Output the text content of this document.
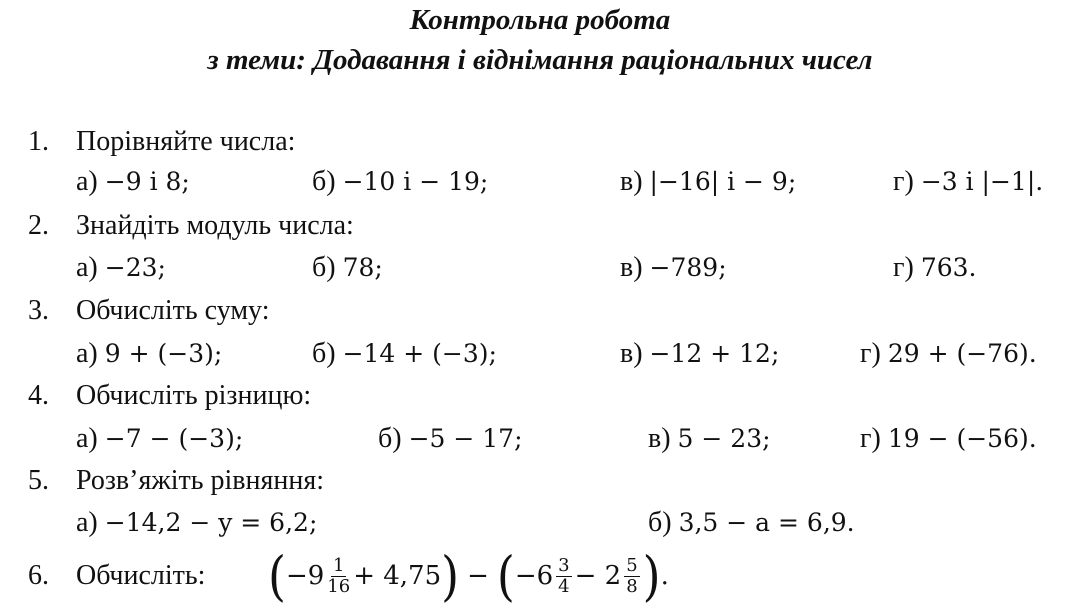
Контрольна робота
з теми: Додавання і віднімання раціональних чисел
1. Порівняйте числа:
а) −9 і 8;	б) −10 і − 19;	в) |−16| і − 9;	г) −3 і |−1|.
2. Знайдіть модуль числа:
а) −23;	б) 78;	в) −789;	г) 763.
3. Обчисліть суму:
а) 9 + (−3);	б) −14 + (−3);	в) −12 + 12;	г) 29 + (−76).
4. Обчисліть різницю:
а) −7 − (−3);	б) −5 − 17;	в) 5 − 23;	г) 19 − (−56).
5. Розв’яжіть рівняння:
а) −14,2 − y = 6,2;	б) 3,5 − a = 6,9.
6. Обчисліть: ( $-9 \frac{1}{16} + 4,75$ ) − ( $-6 \frac{3}{4} - 2 \frac{5}{8}$ ) .
